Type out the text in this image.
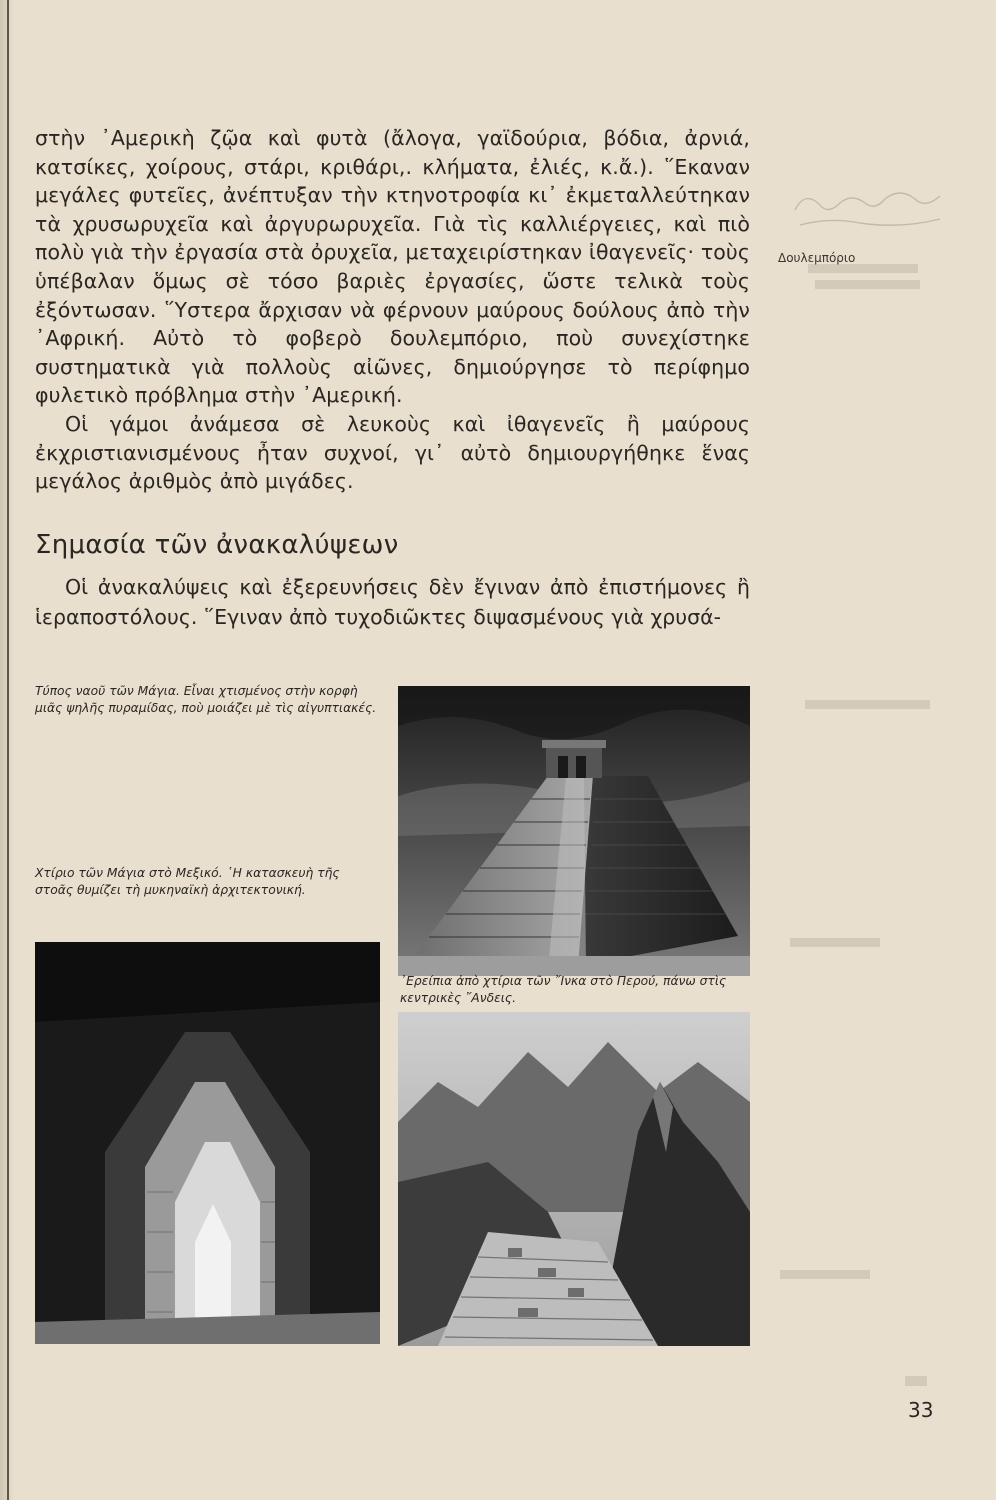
στὴν ᾿Αμερικὴ ζῷα καὶ φυτὰ (ἄλογα, γαϊδούρια, βόδια, ἀρνιά, κατσίκες, χοίρους, στάρι, κριθάρι,. κλήματα, ἐλιές, κ.ἄ.). ῞Εκαναν μεγάλες φυτεῖες, ἀνέπτυξαν τὴν κτηνοτροφία κι᾿ ἐκμεταλλεύτηκαν τὰ χρυσωρυχεῖα καὶ ἀργυρωρυχεῖα. Γιὰ τὶς καλλιέργειες, καὶ πιὸ πολὺ γιὰ τὴν ἐργασία στὰ ὀρυχεῖα, μεταχειρίστηκαν ἰθαγενεῖς· τοὺς ὑπέβαλαν ὅμως σὲ τόσο βαριὲς ἐργασίες, ὥστε τελικὰ τοὺς ἐξόντωσαν. ῞Υστερα ἄρχισαν νὰ φέρνουν μαύρους δούλους ἀπὸ τὴν ᾿Αφρική. Αὐτὸ τὸ φοβερὸ δουλεμπόριο, ποὺ συνεχίστηκε συστηματικὰ γιὰ πολλοὺς αἰῶνες, δημιούργησε τὸ περίφημο φυλετικὸ πρόβλημα στὴν ᾿Αμερική.

Οἱ γάμοι ἀνάμεσα σὲ λευκοὺς καὶ ἰθαγενεῖς ἢ μαύρους ἐκχριστιανισμένους ἦταν συχνοί, γι᾿ αὐτὸ δημιουργήθηκε ἕνας μεγάλος ἀριθμὸς ἀπὸ μιγάδες.

Δουλεμπόριο
Σημασία τῶν ἀνακαλύψεων

Οἱ ἀνακαλύψεις καὶ ἐξερευνήσεις δὲν ἔγιναν ἀπὸ ἐπιστήμονες ἢ ἱεραποστόλους. ῞Εγιναν ἀπὸ τυχοδιῶκτες διψασμένους γιὰ χρυσά-

Τύπος ναοῦ τῶν Μάγια. Εἶναι χτισμένος στὴν κορφὴ μιᾶς ψηλῆς πυραμίδας, ποὺ μοιάζει μὲ τὶς αἰγυπτιακές.

Χτίριο τῶν Μάγια στὸ Μεξικό. ῾Η κατασκευὴ τῆς στοᾶς θυμίζει τὴ μυκηναϊκὴ ἀρχιτεκτονική.

᾿Ερείπια ἀπὸ χτίρια τῶν ῎Ινκα στὸ Περού, πάνω στὶς κεντρικὲς ῎Ανδεις.

33
